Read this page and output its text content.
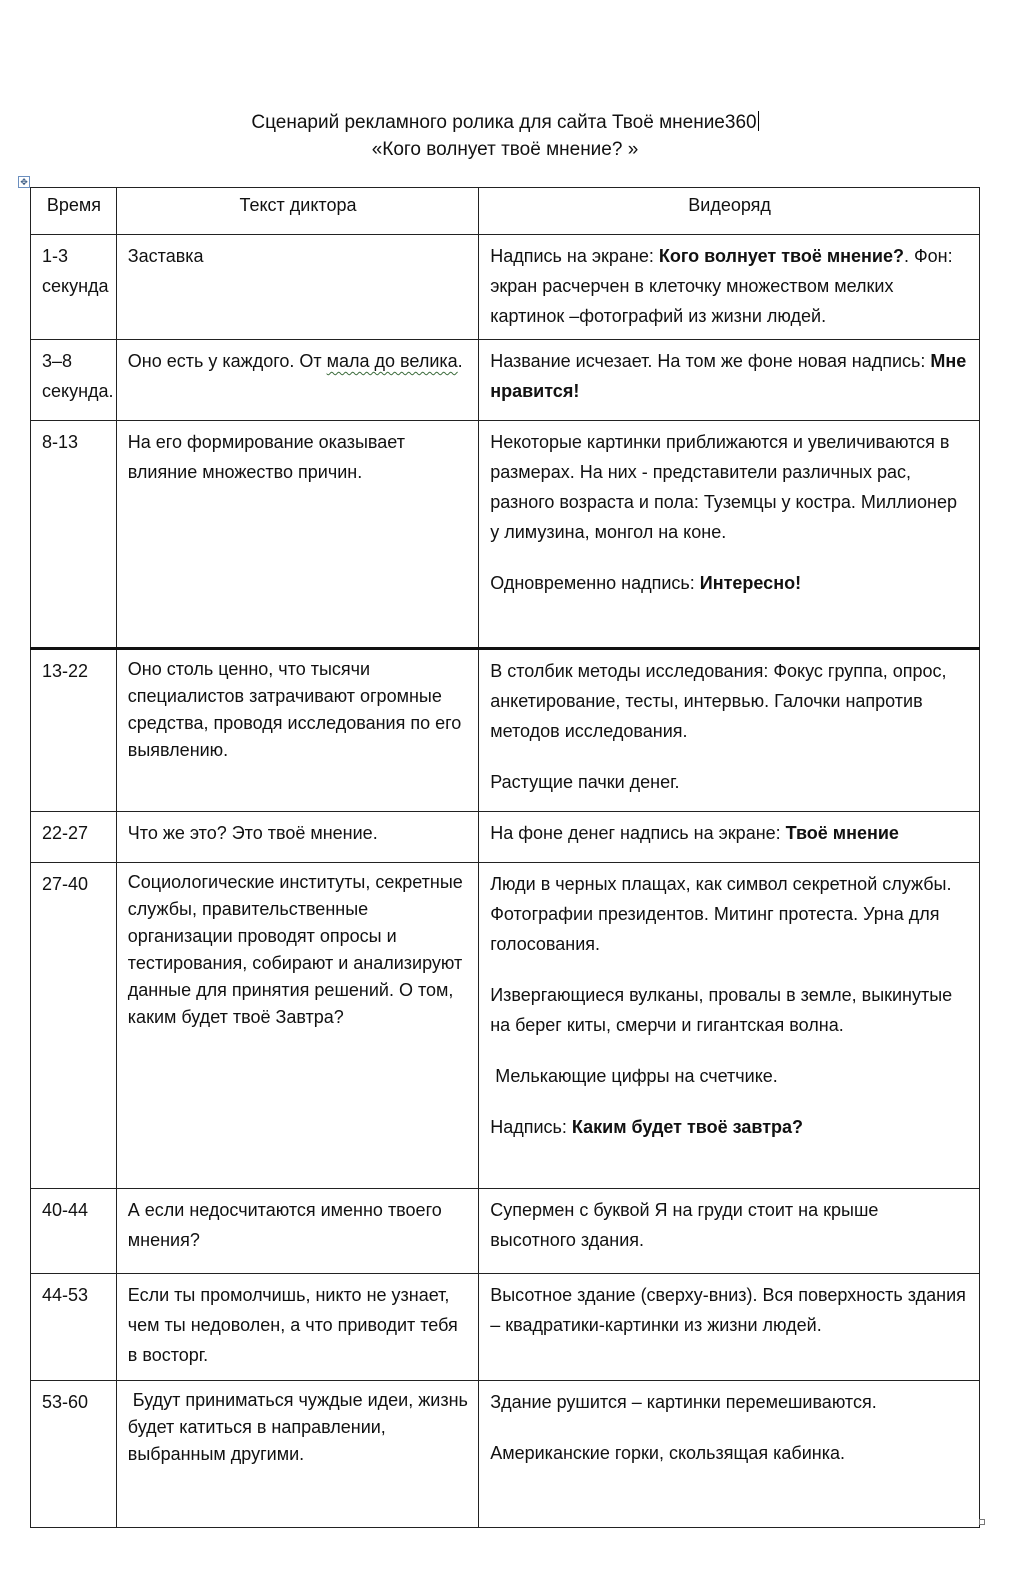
Сценарий рекламного ролика для сайта Твоё мнение360
«Кого волнует твоё мнение? »
✥
Время	Текст диктора	Видеоряд
1-3 секунда	Заставка	Надпись на экране: Кого волнует твоё мнение?. Фон: экран расчерчен в клеточку множеством мелких картинок –фотографий из жизни людей.
3–8 секунда.	Оно есть у каждого. От мала до велика.	Название исчезает. На том же фоне новая надпись: Мне нравится!
8-13	На его формирование оказывает влияние множество причин.	Некоторые картинки приближаются и увеличиваются в размерах. На них - представители различных рас, разного возраста и пола: Туземцы у костра. Миллионер у лимузина, монгол на коне.

Одновременно надпись: Интересно!

13-22	Оно столь ценно, что тысячи специалистов затрачивают огромные средства, проводя исследования по его выявлению.	В столбик методы исследования: Фокус группа, опрос, анкетирование, тесты, интервью. Галочки напротив методов исследования.

Растущие пачки денег.

22-27	Что же это? Это твоё мнение.	На фоне денег надпись на экране: Твоё мнение
27-40	Социологические институты, секретные службы, правительственные организации проводят опросы и тестирования, собирают и анализируют данные для принятия решений. О том, каким будет твоё Завтра?	Люди в черных плащах, как символ секретной службы. Фотографии президентов. Митинг протеста. Урна для голосования.

Извергающиеся вулканы, провалы в земле, выкинутые на берег киты, смерчи и гигантская волна.

Мелькающие цифры на счетчике.

Надпись: Каким будет твоё завтра?

40-44	А если недосчитаются именно твоего мнения?	Супермен с буквой Я на груди стоит на крыше высотного здания.
44-53	Если ты промолчишь, никто не узнает, чем ты недоволен, а что приводит тебя в восторг.	Высотное здание (сверху-вниз). Вся поверхность здания – квадратики-картинки из жизни людей.
53-60	Будут приниматься чуждые идеи, жизнь будет катиться в направлении, выбранным другими.	Здание рушится – картинки перемешиваются.

Американские горки, скользящая кабинка.
